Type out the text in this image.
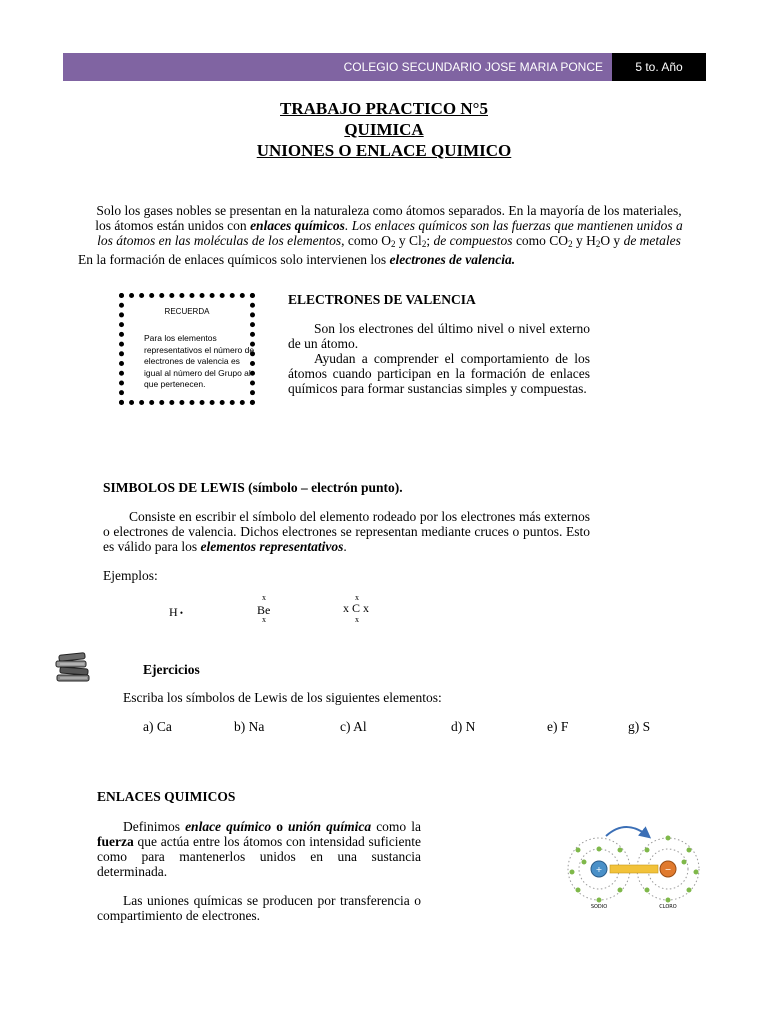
COLEGIO SECUNDARIO JOSE MARIA PONCE	5 to. Año
TRABAJO PRACTICO N°5
QUIMICA
UNIONES O ENLACE QUIMICO
Solo los gases nobles se presentan en la naturaleza como átomos separados. En la mayoría de los materiales,
los átomos están unidos con enlaces químicos. Los enlaces químicos son las fuerzas que mantienen unidos a
los átomos en las moléculas de los elementos, como $O_2$ y $Cl_2$; de compuestos como $CO_2$ y $H_2O$ y de metales
En la formación de enlaces químicos solo intervienen los electrones de valencia.
RECUERDA
Para los elementos representativos el número de electrones de valencia es igual al número del Grupo al que pertenecen.
ELECTRONES DE VALENCIA
Son los electrones del último nivel o nivel externo de un átomo.
Ayudan a comprender el comportamiento de los átomos cuando participan en la formación de enlaces químicos para formar sustancias simples y compuestas.
SIMBOLOS DE LEWIS (símbolo – electrón punto).
Consiste en escribir el símbolo del elemento rodeado por los electrones más externos o electrones de valencia. Dichos electrones se representan mediante cruces o puntos. Esto es válido para los elementos representativos.
Ejemplos:
H •
x
Be
x
x
x C x
x
Ejercicios
Escriba los símbolos de Lewis de los siguientes elementos:
a) Ca	b) Na	c) Al	d) N	e) F	g) S
ENLACES QUIMICOS
Definimos enlace químico o unión química como la fuerza que actúa entre los átomos con intensidad suficiente como para mantenerlos unidos en una sustancia determinada.
Las uniones químicas se producen por transferencia o compartimiento de electrones.
+	−
SODIO	CLORO
